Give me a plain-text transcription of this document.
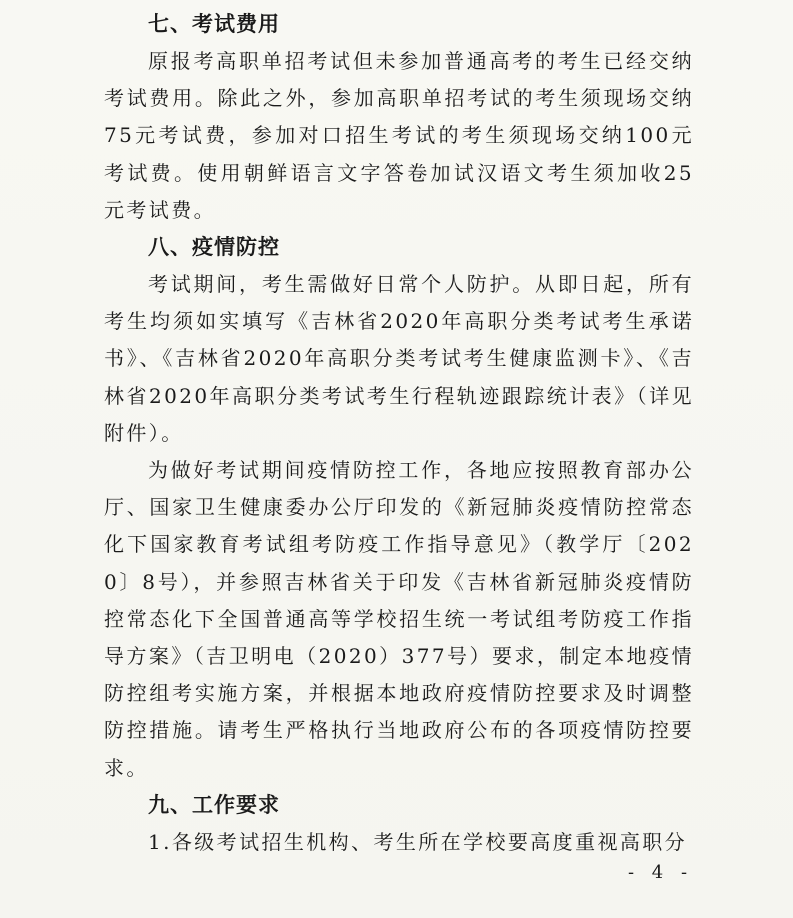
七、考试费用

原报考高职单招考试但未参加普通高考的考生已经交纳考试费用。除此之外，参加高职单招考试的考生须现场交纳75元考试费，参加对口招生考试的考生须现场交纳100元考试费。使用朝鲜语言文字答卷加试汉语文考生须加收25元考试费。

八、疫情防控

考试期间，考生需做好日常个人防护。从即日起，所有考生均须如实填写《吉林省2020年高职分类考试考生承诺书》、《吉林省2020年高职分类考试考生健康监测卡》、《吉林省2020年高职分类考试考生行程轨迹跟踪统计表》（详见附件）。

为做好考试期间疫情防控工作，各地应按照教育部办公厅、国家卫生健康委办公厅印发的《新冠肺炎疫情防控常态化下国家教育考试组考防疫工作指导意见》（教学厅〔2020〕8号），并参照吉林省关于印发《吉林省新冠肺炎疫情防控常态化下全国普通高等学校招生统一考试组考防疫工作指导方案》（吉卫明电（2020）377号）要求，制定本地疫情防控组考实施方案，并根据本地政府疫情防控要求及时调整防控措施。请考生严格执行当地政府公布的各项疫情防控要求。

九、工作要求

1.各级考试招生机构、考生所在学校要高度重视高职分

- 4 -
